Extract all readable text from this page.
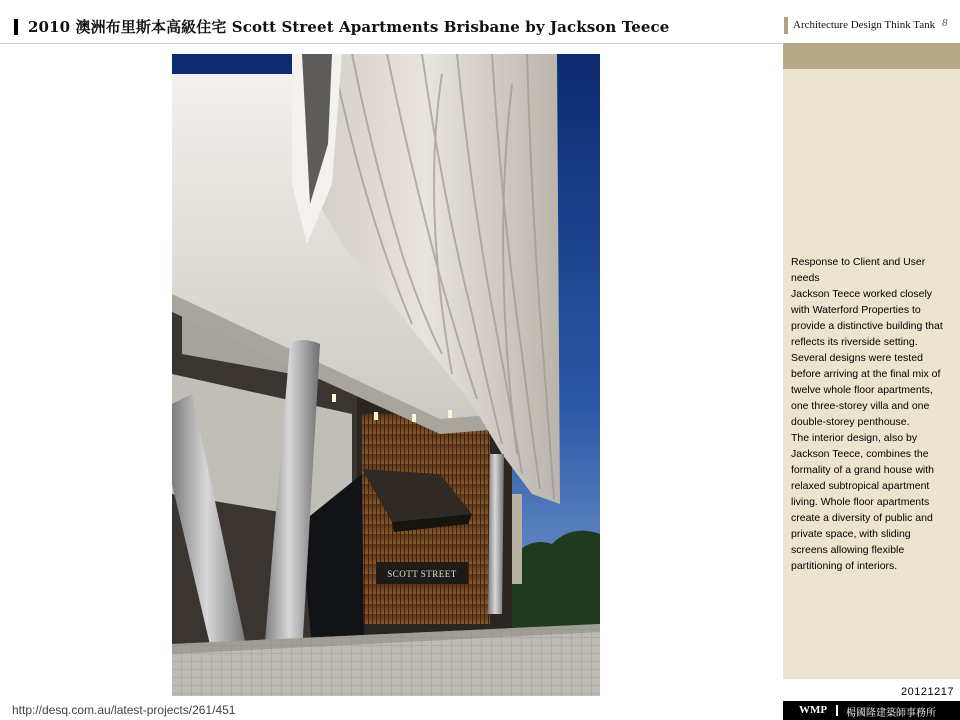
2010 澳洲布里斯本高級住宅 Scott Street Apartments Brisbane by Jackson Teece	Architecture Design Think Tank 8
Response to Client and User
needs
Jackson Teece worked closely
with Waterford Properties to
provide a distinctive building that
reflects its riverside setting.
Several designs were tested
before arriving at the final mix of
twelve whole floor apartments,
one three-storey villa and one
double-storey penthouse.
The interior design, also by
Jackson Teece, combines the
formality of a grand house with
relaxed subtropical apartment
living. Whole floor apartments
create a diversity of public and
private space, with sliding
screens allowing flexible
partitioning of interiors.
SCOTT STREET
http://desq.com.au/latest-projects/261/451
20121217
WMP 楊國隆建築師事務所
